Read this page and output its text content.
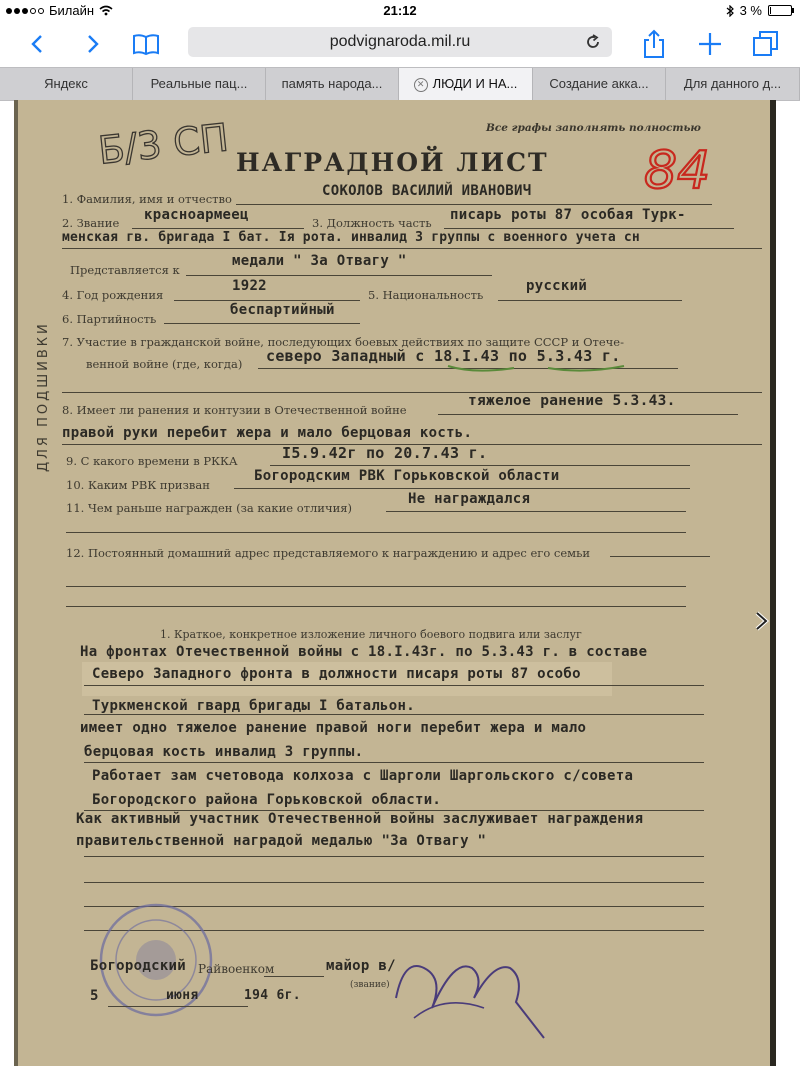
Билайн	21:12	3 %
podvignaroda.mil.ru
Яндекс	Реальные пац...	память народа...	✕ ЛЮДИ И НА...	Создание акка...	Для данного д...
Все графы заполнять полностью
Б/3 СП НАГРАДНОЙ ЛИСТ 84
1. Фамилия, имя и отчество	СОКОЛОВ ВАСИЛИЙ ИВАНОВИЧ
2. Звание красноармеец	3. Должность часть писарь роты 87 особая Турк-
менская гв. бригада I бат. Iя рота. инвалид 3 группы с военного учета сн
Представляется к
медали " За Отвагу "
4. Год рождения
1922
5. Национальность
русский
6. Партийность
беспартийный
7. Участие в гражданской войне, последующих боевых действиях по защите СССР и Отече-
венной войне (где, когда) северо Западный с 18.I.43 по 5.3.43 г.
8. Имеет ли ранения и контузии в Отечественной войне
тяжелое ранение 5.3.43.
правой руки перебит жера и мало берцовая кость.
9. С какого времени в РККА	I5.9.42г по 20.7.43 г.
10. Каким РВК призван
Богородским РВК Горьковской области
11. Чем раньше награжден (за какие отличия)
Не награждался
12. Постоянный домашний адрес представляемого к награждению и адрес его семьи
ДЛЯ ПОДШИВКИ
1. Краткое, конкретное изложение личного боевого подвига или заслуг
На фронтах Отечественной войны с 18.I.43г. по 5.3.43 г. в составе
Северо Западного фронта в должности писаря роты 87 особо
Туркменской гвард бригады I батальон.
имеет одно тяжелое ранение правой ноги перебит жера и мало
берцовая кость инвалид 3 группы.
Работает зам счетовода колхоза с Шарголи Шаргольского с/совета
Богородского района Горьковской области.
Как активный участник Отечественной войны заслуживает награждения
правительственной наградой медалью "За Отвагу "
Богородский Райвоенком	майор в/
(звание)
5	июня	194 6г.
